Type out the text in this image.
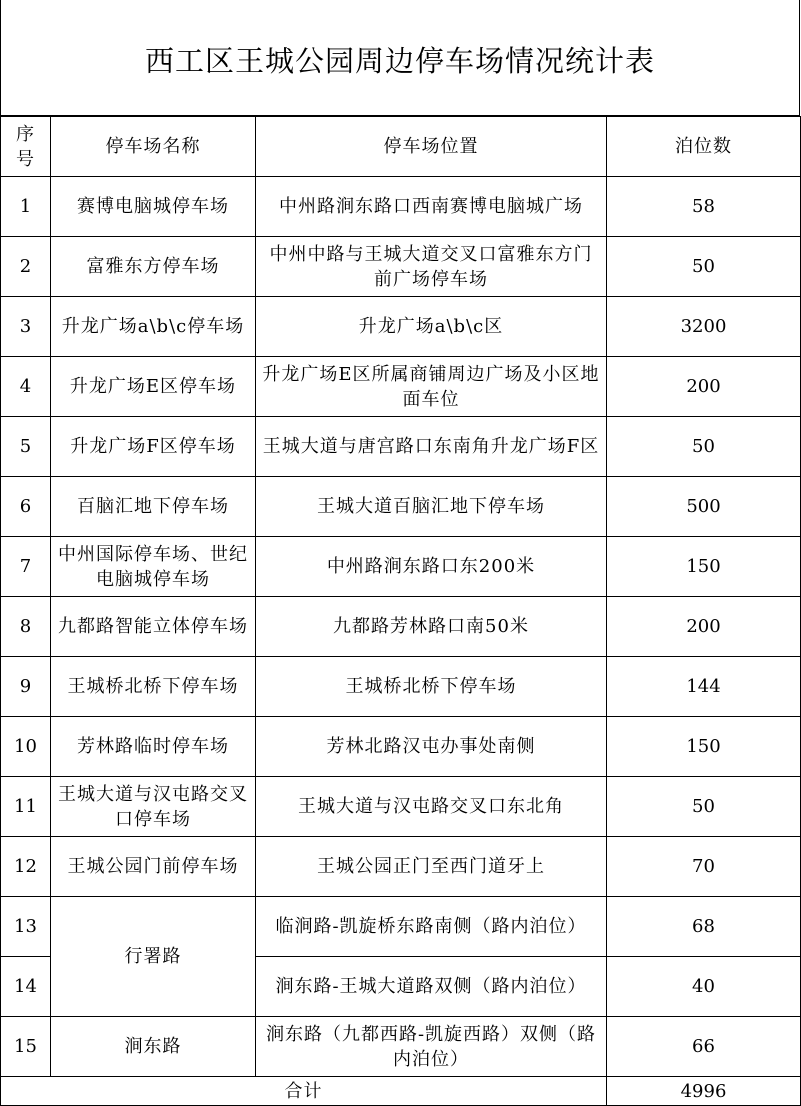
西工区王城公园周边停车场情况统计表
序号	停车场名称	停车场位置	泊位数
1	赛博电脑城停车场	中州路涧东路口西南赛博电脑城广场	58
2	富雅东方停车场	中州中路与王城大道交叉口富雅东方门前广场停车场	50
3	升龙广场a\b\c停车场	升龙广场a\b\c区	3200
4	升龙广场E区停车场	升龙广场E区所属商铺周边广场及小区地面车位	200
5	升龙广场F区停车场	王城大道与唐宫路口东南角升龙广场F区	50
6	百脑汇地下停车场	王城大道百脑汇地下停车场	500
7	中州国际停车场、世纪电脑城停车场	中州路涧东路口东200米	150
8	九都路智能立体停车场	九都路芳林路口南50米	200
9	王城桥北桥下停车场	王城桥北桥下停车场	144
10	芳林路临时停车场	芳林北路汉屯办事处南侧	150
11	王城大道与汉屯路交叉口停车场	王城大道与汉屯路交叉口东北角	50
12	王城公园门前停车场	王城公园正门至西门道牙上	70
13	行署路	临涧路-凯旋桥东路南侧（路内泊位）	68
14		涧东路-王城大道路双侧（路内泊位）	40
15	涧东路	涧东路（九都西路-凯旋西路）双侧（路内泊位）	66
合计			4996
